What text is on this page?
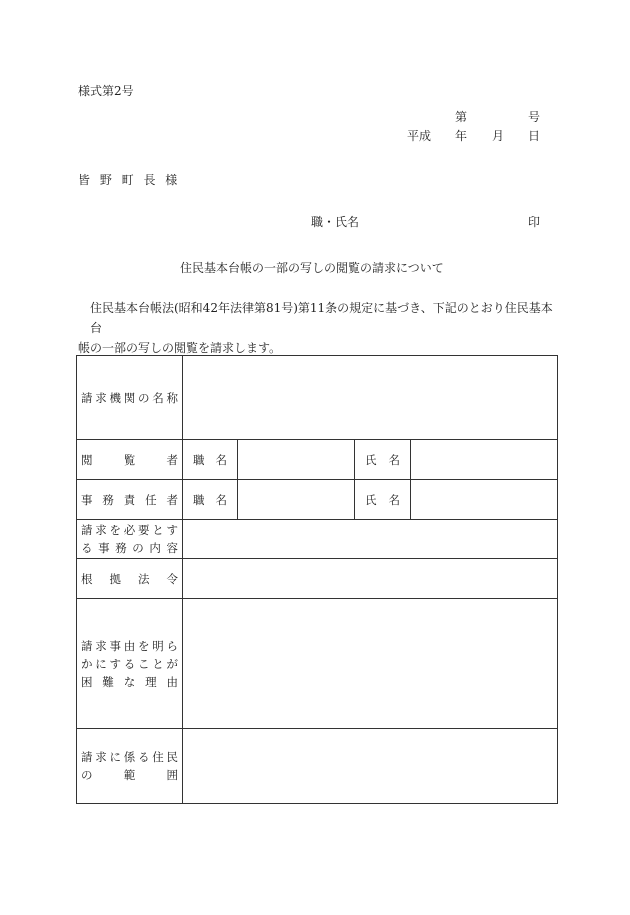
様式第2号
第	号
平成 年 月 日
皆 野 町 長 様
職・氏名	印
住民基本台帳の一部の写しの閲覧の請求について
住民基本台帳法(昭和42年法律第81号)第11条の規定に基づき、下記のとおり住民基本台
帳の一部の写しの閲覧を請求します。
請求機関の名称				
閲覧者	職名		氏名	
事務責任者	職名		氏名	

請求を必要とす
る事務の内容				

根拠法令				

請求事由を明ら
かにすることが
困難な理由				

請求に係る住民
の範囲				
